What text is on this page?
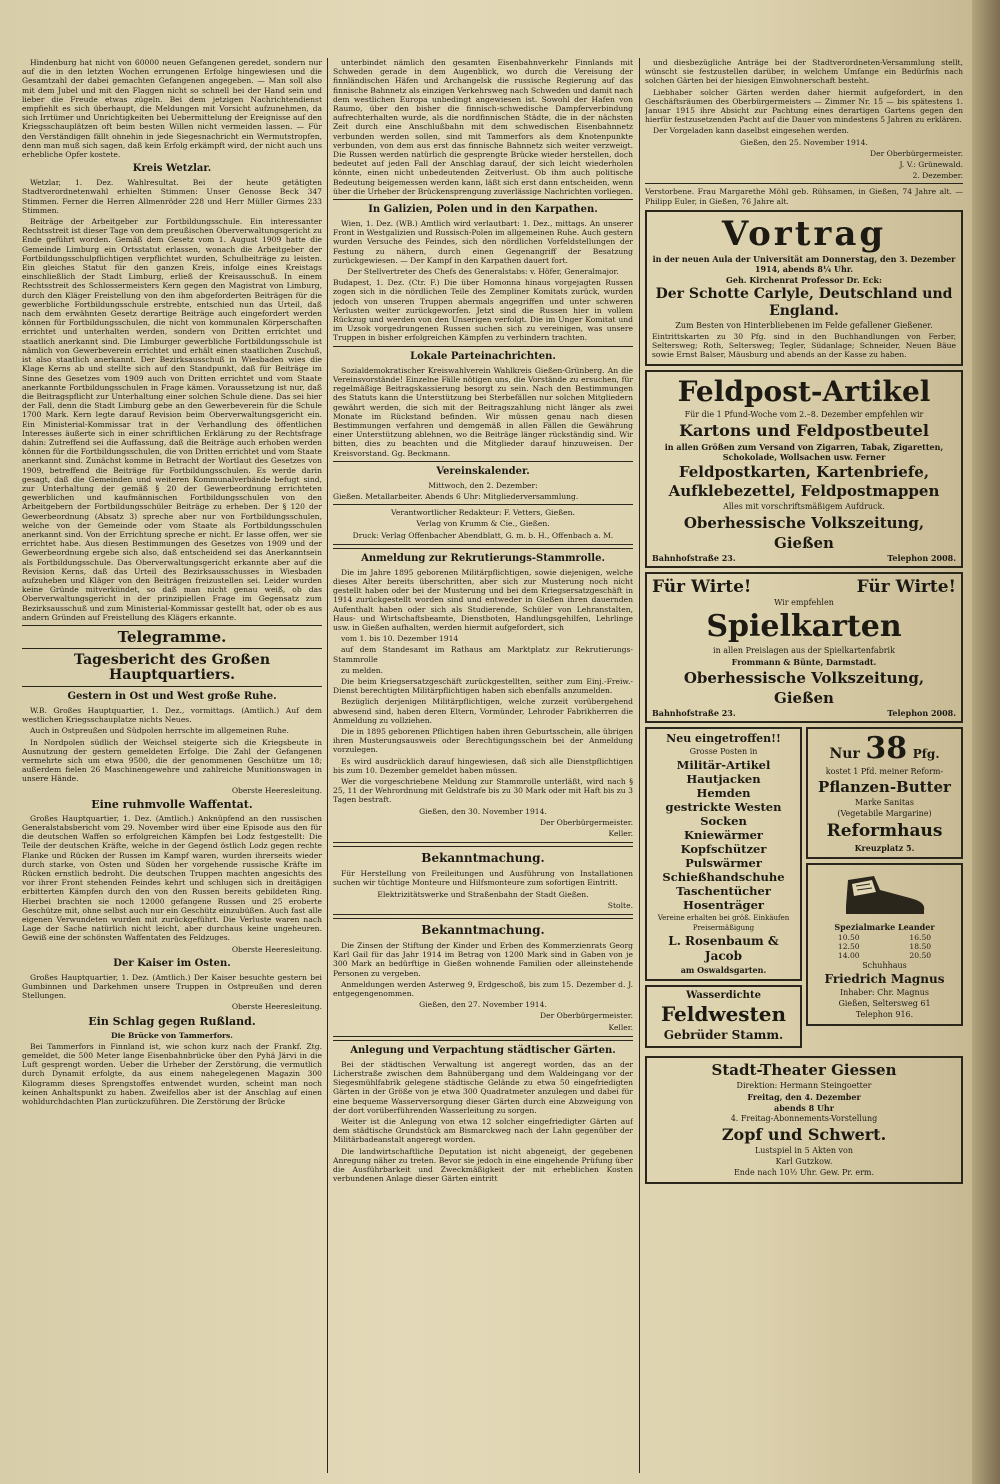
Hindenburg hat nicht von 60000 neuen Gefangenen geredet, sondern nur auf die in den letzten Wochen errungenen Erfolge hingewiesen und die Gesamtzahl der dabei gemachten Gefangenen angegeben. — Man soll also mit dem Jubel und mit den Flaggen nicht so schnell bei der Hand sein und lieber die Freude etwas zügeln. Bei dem jetzigen Nachrichtendienst empfiehlt es sich überhaupt, die Meldungen mit Vorsicht aufzunehmen, da sich Irrtümer und Unrichtigkeiten bei Uebermittelung der Ereignisse auf den Kriegsschauplätzen oft beim besten Willen nicht vermeiden lassen. — Für den Verständigen fällt ohnehin in jede Siegesnachricht ein Wermutstropfen, denn man muß sich sagen, daß kein Erfolg erkämpft wird, der nicht auch uns erhebliche Opfer kostete.

Kreis Wetzlar.

Wetzlar, 1. Dez. Wahlresultat. Bei der heute getätigten Stadtverordnetenwahl erhielten Stimmen: Unser Genosse Beck 347 Stimmen. Ferner die Herren Allmenröder 228 und Herr Müller Girmes 233 Stimmen.

Beiträge der Arbeitgeber zur Fortbildungsschule. Ein interessanter Rechtsstreit ist dieser Tage von dem preußischen Oberverwaltungsgericht zu Ende geführt worden. Gemäß dem Gesetz vom 1. August 1909 hatte die Gemeinde Limburg ein Ortsstatut erlassen, wonach die Arbeitgeber der Fortbildungsschulpflichtigen verpflichtet wurden, Schulbeiträge zu leisten. Ein gleiches Statut für den ganzen Kreis, infolge eines Kreistags einschließlich der Stadt Limburg, erließ der Kreisausschuß. In einem Rechtsstreit des Schlossermeisters Kern gegen den Magistrat von Limburg, durch den Kläger Freistellung von den ihm abgeforderten Beiträgen für die gewerbliche Fortbildungsschule erstrebte, entschied nun das Urteil, daß nach dem erwähnten Gesetz derartige Beiträge auch eingefordert werden können für Fortbildungsschulen, die nicht von kommunalen Körperschaften errichtet und unterhalten werden, sondern von Dritten errichtet und staatlich anerkannt sind. Die Limburger gewerbliche Fortbildungsschule ist nämlich von Gewerbeverein errichtet und erhält einen staatlichen Zuschuß, ist also staatlich anerkannt. Der Bezirksausschuß in Wiesbaden wies die Klage Kerns ab und stellte sich auf den Standpunkt, daß für Beiträge im Sinne des Gesetzes vom 1909 auch von Dritten errichtet und vom Staate anerkannte Fortbildungsschulen in Frage kämen. Voraussetzung ist nur, daß die Beitragspflicht zur Unterhaltung einer solchen Schule diene. Das sei hier der Fall, denn die Stadt Limburg gebe an den Gewerbeverein für die Schule 1700 Mark. Kern legte darauf Revision beim Oberverwaltungsgericht ein. Ein Ministerial-Kommissar trat in der Verhandlung des öffentlichen Interesses äußerte sich in einer schriftlichen Erklärung zu der Rechtsfrage dahin: Zutreffend sei die Auffassung, daß die Beiträge auch erhoben werden können für die Fortbildungsschulen, die von Dritten errichtet und vom Staate anerkannt sind. Zunächst komme in Betracht der Wortlaut des Gesetzes von 1909, betreffend die Beiträge für Fortbildungsschulen. Es werde darin gesagt, daß die Gemeinden und weiteren Kommunalverbände befugt sind, zur Unterhaltung der gemäß § 20 der Gewerbeordnung errichteten gewerblichen und kaufmännischen Fortbildungsschulen von den Arbeitgebern der Fortbildungsschüler Beiträge zu erheben. Der § 120 der Gewerbeordnung (Absatz 3) spreche aber nur von Fortbildungsschulen, welche von der Gemeinde oder vom Staate als Fortbildungsschulen anerkannt sind. Von der Errichtung spreche er nicht. Er lasse offen, wer sie errichtet habe. Aus diesen Bestimmungen des Gesetzes von 1909 und der Gewerbeordnung ergebe sich also, daß entscheidend sei das Anerkanntsein als Fortbildungsschule. Das Oberverwaltungsgericht erkannte aber auf die Revision Kerns, daß das Urteil des Bezirksausschusses in Wiesbaden aufzuheben und Kläger von den Beiträgen freizustellen sei. Leider wurden keine Gründe mitverkündet, so daß man nicht genau weiß, ob das Oberverwaltungsgericht in der prinzipiellen Frage im Gegensatz zum Bezirksausschuß und zum Ministerial-Kommissar gestellt hat, oder ob es aus andern Gründen auf Freistellung des Klägers erkannte.

Telegramme.
Tagesbericht des Großen Hauptquartiers.
Gestern in Ost und West große Ruhe.

W.B. Großes Hauptquartier, 1. Dez., vormittags. (Amtlich.) Auf dem westlichen Kriegsschauplatze nichts Neues.

Auch in Ostpreußen und Südpolen herrschte im allgemeinen Ruhe.

In Nordpolen südlich der Weichsel steigerte sich die Kriegsbeute in Ausnutzung der gestern gemeldeten Erfolge. Die Zahl der Gefangenen vermehrte sich um etwa 9500, die der genommenen Geschütze um 18; außerdem fielen 26 Maschinengewehre und zahlreiche Munitionswagen in unsere Hände.

Oberste Heeresleitung.

Eine ruhmvolle Waffentat.

Großes Hauptquartier, 1. Dez. (Amtlich.) Anknüpfend an den russischen Generalstabsbericht vom 29. November wird über eine Episode aus den für die deutschen Waffen so erfolgreichen Kämpfen bei Lodz festgestellt: Die Teile der deutschen Kräfte, welche in der Gegend östlich Lodz gegen rechte Flanke und Rücken der Russen im Kampf waren, wurden ihrerseits wieder durch starke, von Osten und Süden her vorgehende russische Kräfte im Rücken ernstlich bedroht. Die deutschen Truppen machten angesichts des vor ihrer Front stehenden Feindes kehrt und schlugen sich in dreitägigen erbitterten Kämpfen durch den von den Russen bereits gebildeten Ring. Hierbei brachten sie noch 12000 gefangene Russen und 25 eroberte Geschütze mit, ohne selbst auch nur ein Geschütz einzubüßen. Auch fast alle eigenen Verwundeten wurden mit zurückgeführt. Die Verluste waren nach Lage der Sache natürlich nicht leicht, aber durchaus keine ungeheuren. Gewiß eine der schönsten Waffentaten des Feldzuges.

Oberste Heeresleitung.

Der Kaiser im Osten.

Großes Hauptquartier, 1. Dez. (Amtlich.) Der Kaiser besuchte gestern bei Gumbinnen und Darkehmen unsere Truppen in Ostpreußen und deren Stellungen.

Oberste Heeresleitung.

Ein Schlag gegen Rußland.
Die Brücke von Tammerfors.

Bei Tammerfors in Finnland ist, wie schon kurz nach der Frankf. Ztg. gemeldet, die 500 Meter lange Eisenbahnbrücke über den Pyhä Järvi in die Luft gesprengt worden. Ueber die Urheber der Zerstörung, die vermutlich durch Dynamit erfolgte, da aus einem nahegelegenen Magazin 300 Kilogramm dieses Sprengstoffes entwendet wurden, scheint man noch keinen Anhaltspunkt zu haben. Zweifellos aber ist der Anschlag auf einen wohldurchdachten Plan zurückzuführen. Die Zerstörung der Brücke

unterbindet nämlich den gesamten Eisenbahnverkehr Finnlands mit Schweden gerade in dem Augenblick, wo durch die Vereisung der finnländischen Häfen und Archangelsk die russische Regierung auf das finnische Bahnnetz als einzigen Verkehrsweg nach Schweden und damit nach dem westlichen Europa unbedingt angewiesen ist. Sowohl der Hafen von Raumo, über den bisher die finnisch-schwedische Dampferverbindung aufrechterhalten wurde, als die nordfinnischen Städte, die in der nächsten Zeit durch eine Anschlußbahn mit dem schwedischen Eisenbahnnetz verbunden werden sollen, sind mit Tammerfors als dem Knotenpunkte verbunden, von dem aus erst das finnische Bahnnetz sich weiter verzweigt. Die Russen werden natürlich die gesprengte Brücke wieder herstellen, doch bedeutet auf jeden Fall der Anschlag darauf, der sich leicht wiederholen könnte, einen nicht unbedeutenden Zeitverlust. Ob ihm auch politische Bedeutung beigemessen werden kann, läßt sich erst dann entscheiden, wenn über die Urheber der Brückensprengung zuverlässige Nachrichten vorliegen.

In Galizien, Polen und in den Karpathen.

Wien, 1. Dez. (WB.) Amtlich wird verlautbart: 1. Dez., mittags. An unserer Front in Westgalizien und Russisch-Polen im allgemeinen Ruhe. Auch gestern wurden Versuche des Feindes, sich den nördlichen Vorfeldstellungen der Festung zu nähern, durch einen Gegenangriff der Besatzung zurückgewiesen. — Der Kampf in den Karpathen dauert fort.

Der Stellvertreter des Chefs des Generalstabs: v. Höfer, Generalmajor.

Budapest, 1. Dez. (Ctr. F.) Die über Homonna hinaus vorgejagten Russen zogen sich in die nördlichen Teile des Zempliner Komitats zurück, wurden jedoch von unseren Truppen abermals angegriffen und unter schweren Verlusten weiter zurückgeworfen. Jetzt sind die Russen hier in vollem Rückzug und werden von den Unserigen verfolgt. Die im Unger Komitat und im Uzsok vorgedrungenen Russen suchen sich zu vereinigen, was unsere Truppen in bisher erfolgreichen Kämpfen zu verhindern trachten.

Lokale Parteinachrichten.

Sozialdemokratischer Kreiswahlverein Wahlkreis Gießen-Grünberg. An die Vereinsvorstände! Einzelne Fälle nötigen uns, die Vorstände zu ersuchen, für regelmäßige Beitragskassierung besorgt zu sein. Nach den Bestimmungen des Statuts kann die Unterstützung bei Sterbefällen nur solchen Mitgliedern gewährt werden, die sich mit der Beitragszahlung nicht länger als zwei Monate im Rückstand befinden. Wir müssen genau nach diesen Bestimmungen verfahren und demgemäß in allen Fällen die Gewährung einer Unterstützung ablehnen, wo die Beiträge länger rückständig sind. Wir bitten, dies zu beachten und die Mitglieder darauf hinzuweisen. Der Kreisvorstand. Gg. Beckmann.

Vereinskalender.

Mittwoch, den 2. Dezember:

Gießen. Metallarbeiter. Abends 6 Uhr: Mitgliederversammlung.

Verantwortlicher Redakteur: F. Vetters, Gießen.

Verlag von Krumm & Cie., Gießen.

Druck: Verlag Offenbacher Abendblatt, G. m. b. H., Offenbach a. M.

Anmeldung zur Rekrutierungs-Stammrolle.

Die im Jahre 1895 geborenen Militärpflichtigen, sowie diejenigen, welche dieses Alter bereits überschritten, aber sich zur Musterung noch nicht gestellt haben oder bei der Musterung und bei dem Kriegsersatzgeschäft in 1914 zurückgestellt worden sind und entweder in Gießen ihren dauernden Aufenthalt haben oder sich als Studierende, Schüler von Lehranstalten, Haus- und Wirtschaftsbeamte, Dienstboten, Handlungsgehilfen, Lehrlinge usw. in Gießen aufhalten, werden hiermit aufgefordert, sich

vom 1. bis 10. Dezember 1914

auf dem Standesamt im Rathaus am Marktplatz zur Rekrutierungs-Stammrolle

zu melden.

Die beim Kriegsersatzgeschäft zurückgestellten, seither zum Einj.-Freiw.-Dienst berechtigten Militärpflichtigen haben sich ebenfalls anzumelden.

Bezüglich derjenigen Militärpflichtigen, welche zurzeit vorübergehend abwesend sind, haben deren Eltern, Vormünder, Lehroder Fabrikherren die Anmeldung zu vollziehen.

Die in 1895 geborenen Pflichtigen haben ihren Geburtsschein, alle übrigen ihren Musterungsausweis oder Berechtigungsschein bei der Anmeldung vorzulegen.

Es wird ausdrücklich darauf hingewiesen, daß sich alle Dienstpflichtigen bis zum 10. Dezember gemeldet haben müssen.

Wer die vorgeschriebene Meldung zur Stammrolle unterläßt, wird nach § 25, 11 der Wehrordnung mit Geldstrafe bis zu 30 Mark oder mit Haft bis zu 3 Tagen bestraft.

Gießen, den 30. November 1914.

Der Oberbürgermeister.

Keller.

Bekanntmachung.

Für Herstellung von Freileitungen und Ausführung von Installationen suchen wir tüchtige Monteure und Hilfsmonteure zum sofortigen Eintritt.

Elektrizitätswerke und Straßenbahn der Stadt Gießen.

Stolte.

Bekanntmachung.

Die Zinsen der Stiftung der Kinder und Erben des Kommerzienrats Georg Karl Gail für das Jahr 1914 im Betrag von 1200 Mark sind in Gaben von je 300 Mark an bedürftige in Gießen wohnende Familien oder alleinstehende Personen zu vergeben.

Anmeldungen werden Asterweg 9, Erdgeschoß, bis zum 15. Dezember d. J. entgegengenommen.

Gießen, den 27. November 1914.

Der Oberbürgermeister.

Keller.

Anlegung und Verpachtung städtischer Gärten.

Bei der städtischen Verwaltung ist angeregt worden, das an der Licherstraße zwischen dem Bahnübergang und dem Waldeingang vor der Siegesmühlfabrik gelegene städtische Gelände zu etwa 50 eingefriedigten Gärten in der Größe von je etwa 300 Quadratmeter anzulegen und dabei für eine bequeme Wasserversorgung dieser Gärten durch eine Abzweigung von der dort vorüberführenden Wasserleitung zu sorgen.

Weiter ist die Anlegung von etwa 12 solcher eingefriedigter Gärten auf dem städtische Grundstück am Bismarckweg nach der Lahn gegenüber der Militärbadeanstalt angeregt worden.

Die landwirtschaftliche Deputation ist nicht abgeneigt, der gegebenen Anregung näher zu treten. Bevor sie jedoch in eine eingehende Prüfung über die Ausführbarkeit und Zweckmäßigkeit der mit erheblichen Kosten verbundenen Anlage dieser Gärten eintritt

und diesbezügliche Anträge bei der Stadtverordneten-Versammlung stellt, wünscht sie festzustellen darüber, in welchem Umfange ein Bedürfnis nach solchen Gärten bei der hiesigen Einwohnerschaft besteht.

Liebhaber solcher Gärten werden daher hiermit aufgefordert, in den Geschäftsräumen des Oberbürgermeisters — Zimmer Nr. 15 — bis spätestens 1. Januar 1915 ihre Absicht zur Pachtung eines derartigen Gartens gegen den hierfür festzusetzenden Pacht auf die Dauer von mindestens 5 Jahren zu erklären.

Der Vorgeladen kann daselbst eingesehen werden.

Gießen, den 25. November 1914.

Der Oberbürgermeister.

J. V.: Grünewald.

2. Dezember.

Verstorbene. Frau Margarethe Möhl geb. Rühsamen, in Gießen, 74 Jahre alt. — Philipp Euler, in Gießen, 76 Jahre alt.

Vortrag
in der neuen Aula der Universität am Donnerstag, den 3. Dezember 1914, abends 8¼ Uhr.
Geh. Kirchenrat Professor Dr. Eck:
Der Schotte Carlyle, Deutschland und England.
Zum Besten von Hinterbliebenen im Felde gefallener Gießener.

Eintrittskarten zu 30 Pfg. sind in den Buchhandlungen von Ferber, Seltersweg; Roth, Seltersweg; Tegler, Südanlage; Schneider, Neuen Bäue sowie Ernst Balser, Mäusburg und abends an der Kasse zu haben.

Feldpost-Artikel
Für die 1 Pfund-Woche vom 2.–8. Dezember empfehlen wir
Kartons und Feldpostbeutel
in allen Größen zum Versand von Zigarren, Tabak, Zigaretten, Schokolade, Wollsachen usw. Ferner
Feldpostkarten, Kartenbriefe,
Aufklebezettel, Feldpostmappen
Alles mit vorschriftsmäßigem Aufdruck.
Oberhessische Volkszeitung, Gießen
Bahnhofstraße 23.	Telephon 2008.
Für Wirte!	Für Wirte!
Wir empfehlen
Spielkarten
in allen Preislagen aus der Spielkartenfabrik
Frommann & Bünte, Darmstadt.
Oberhessische Volkszeitung, Gießen
Bahnhofstraße 23.	Telephon 2008.
Neu eingetroffen!!
Grosse Posten in
Militär-Artikel
Hautjacken
Hemden
gestrickte Westen
Socken
Kniewärmer
Kopfschützer
Pulswärmer
Schießhandschuhe
Taschentücher
Hosenträger
Vereine erhalten bei größ. Einkäufen Preisermäßigung
L. Rosenbaum & Jacob
am Oswaldsgarten.
Wasserdichte
Feldwesten
Gebrüder Stamm.
Nur 38 Pfg.
kostet 1 Pfd. meiner Reform-
Pflanzen-Butter
Marke Sanitas
(Vegetabile Margarine)
Reformhaus
Kreuzplatz 5.
Spezialmarke Leander
10.50	16.50
12.50	18.50
14.00	20.50
Schuhhaus
Friedrich Magnus
Inhaber: Chr. Magnus
Gießen, Seltersweg 61
Telephon 916.
Stadt-Theater Giessen
Direktion: Hermann Steingoetter
Freitag, den 4. Dezember
abends 8 Uhr
4. Freitag-Abonnements-Vorstellung
Zopf und Schwert.
Lustspiel in 5 Akten von
Karl Gutzkow.
Ende nach 10½ Uhr. Gew. Pr. erm.
